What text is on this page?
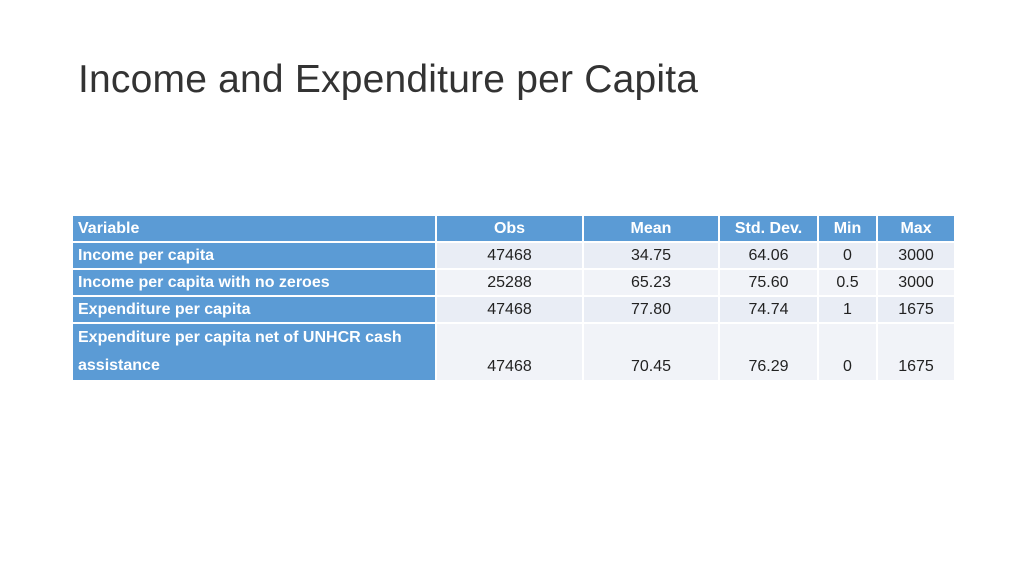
Income and Expenditure per Capita
Variable	Obs	Mean	Std. Dev.	Min	Max
Income per capita	47468	34.75	64.06	0	3000
Income per capita with no zeroes	25288	65.23	75.60	0.5	3000
Expenditure per capita	47468	77.80	74.74	1	1675
Expenditure per capita net of UNHCR cash assistance	47468	70.45	76.29	0	1675
